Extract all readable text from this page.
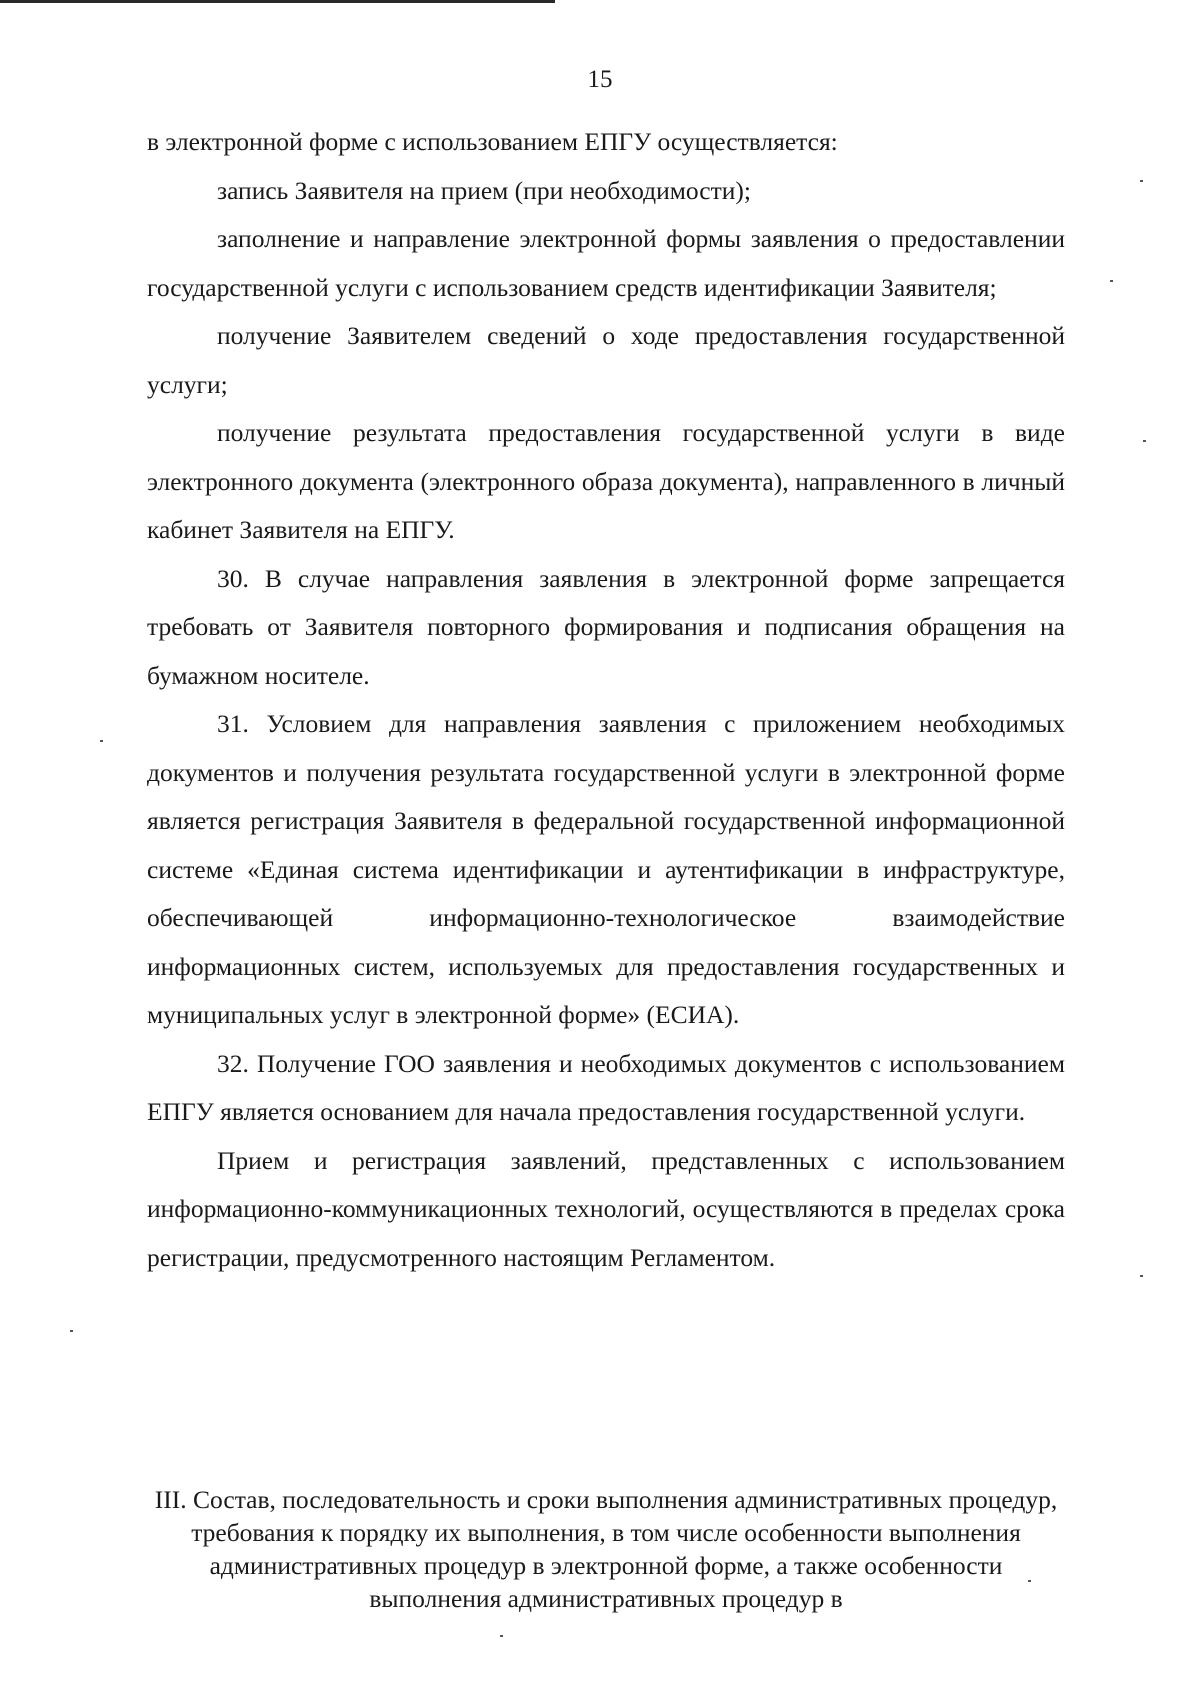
15

в электронной форме с использованием ЕПГУ осуществляется:

запись Заявителя на прием (при необходимости);

заполнение и направление электронной формы заявления о предоставлении государственной услуги с использованием средств идентификации Заявителя;

получение Заявителем сведений о ходе предоставления государственной услуги;

получение результата предоставления государственной услуги в виде электронного документа (электронного образа документа), направленного в личный кабинет Заявителя на ЕПГУ.

30. В случае направления заявления в электронной форме запрещается требовать от Заявителя повторного формирования и подписания обращения на бумажном носителе.

31. Условием для направления заявления с приложением необходимых документов и получения результата государственной услуги в электронной форме является регистрация Заявителя в федеральной государственной информационной системе «Единая система идентификации и аутентификации в инфраструктуре, обеспечивающей информационно-технологическое взаимодействие информационных систем, используемых для предоставления государственных и муниципальных услуг в электронной форме» (ЕСИА).

32. Получение ГОО заявления и необходимых документов с использованием ЕПГУ является основанием для начала предоставления государственной услуги.

Прием и регистрация заявлений, представленных с использованием информационно-коммуникационных технологий, осуществляются в пределах срока регистрации, предусмотренного настоящим Регламентом.

III. Состав, последовательность и сроки выполнения административных процедур, требования к порядку их выполнения, в том числе особенности выполнения административных процедур в электронной форме, а также особенности выполнения административных процедур в
